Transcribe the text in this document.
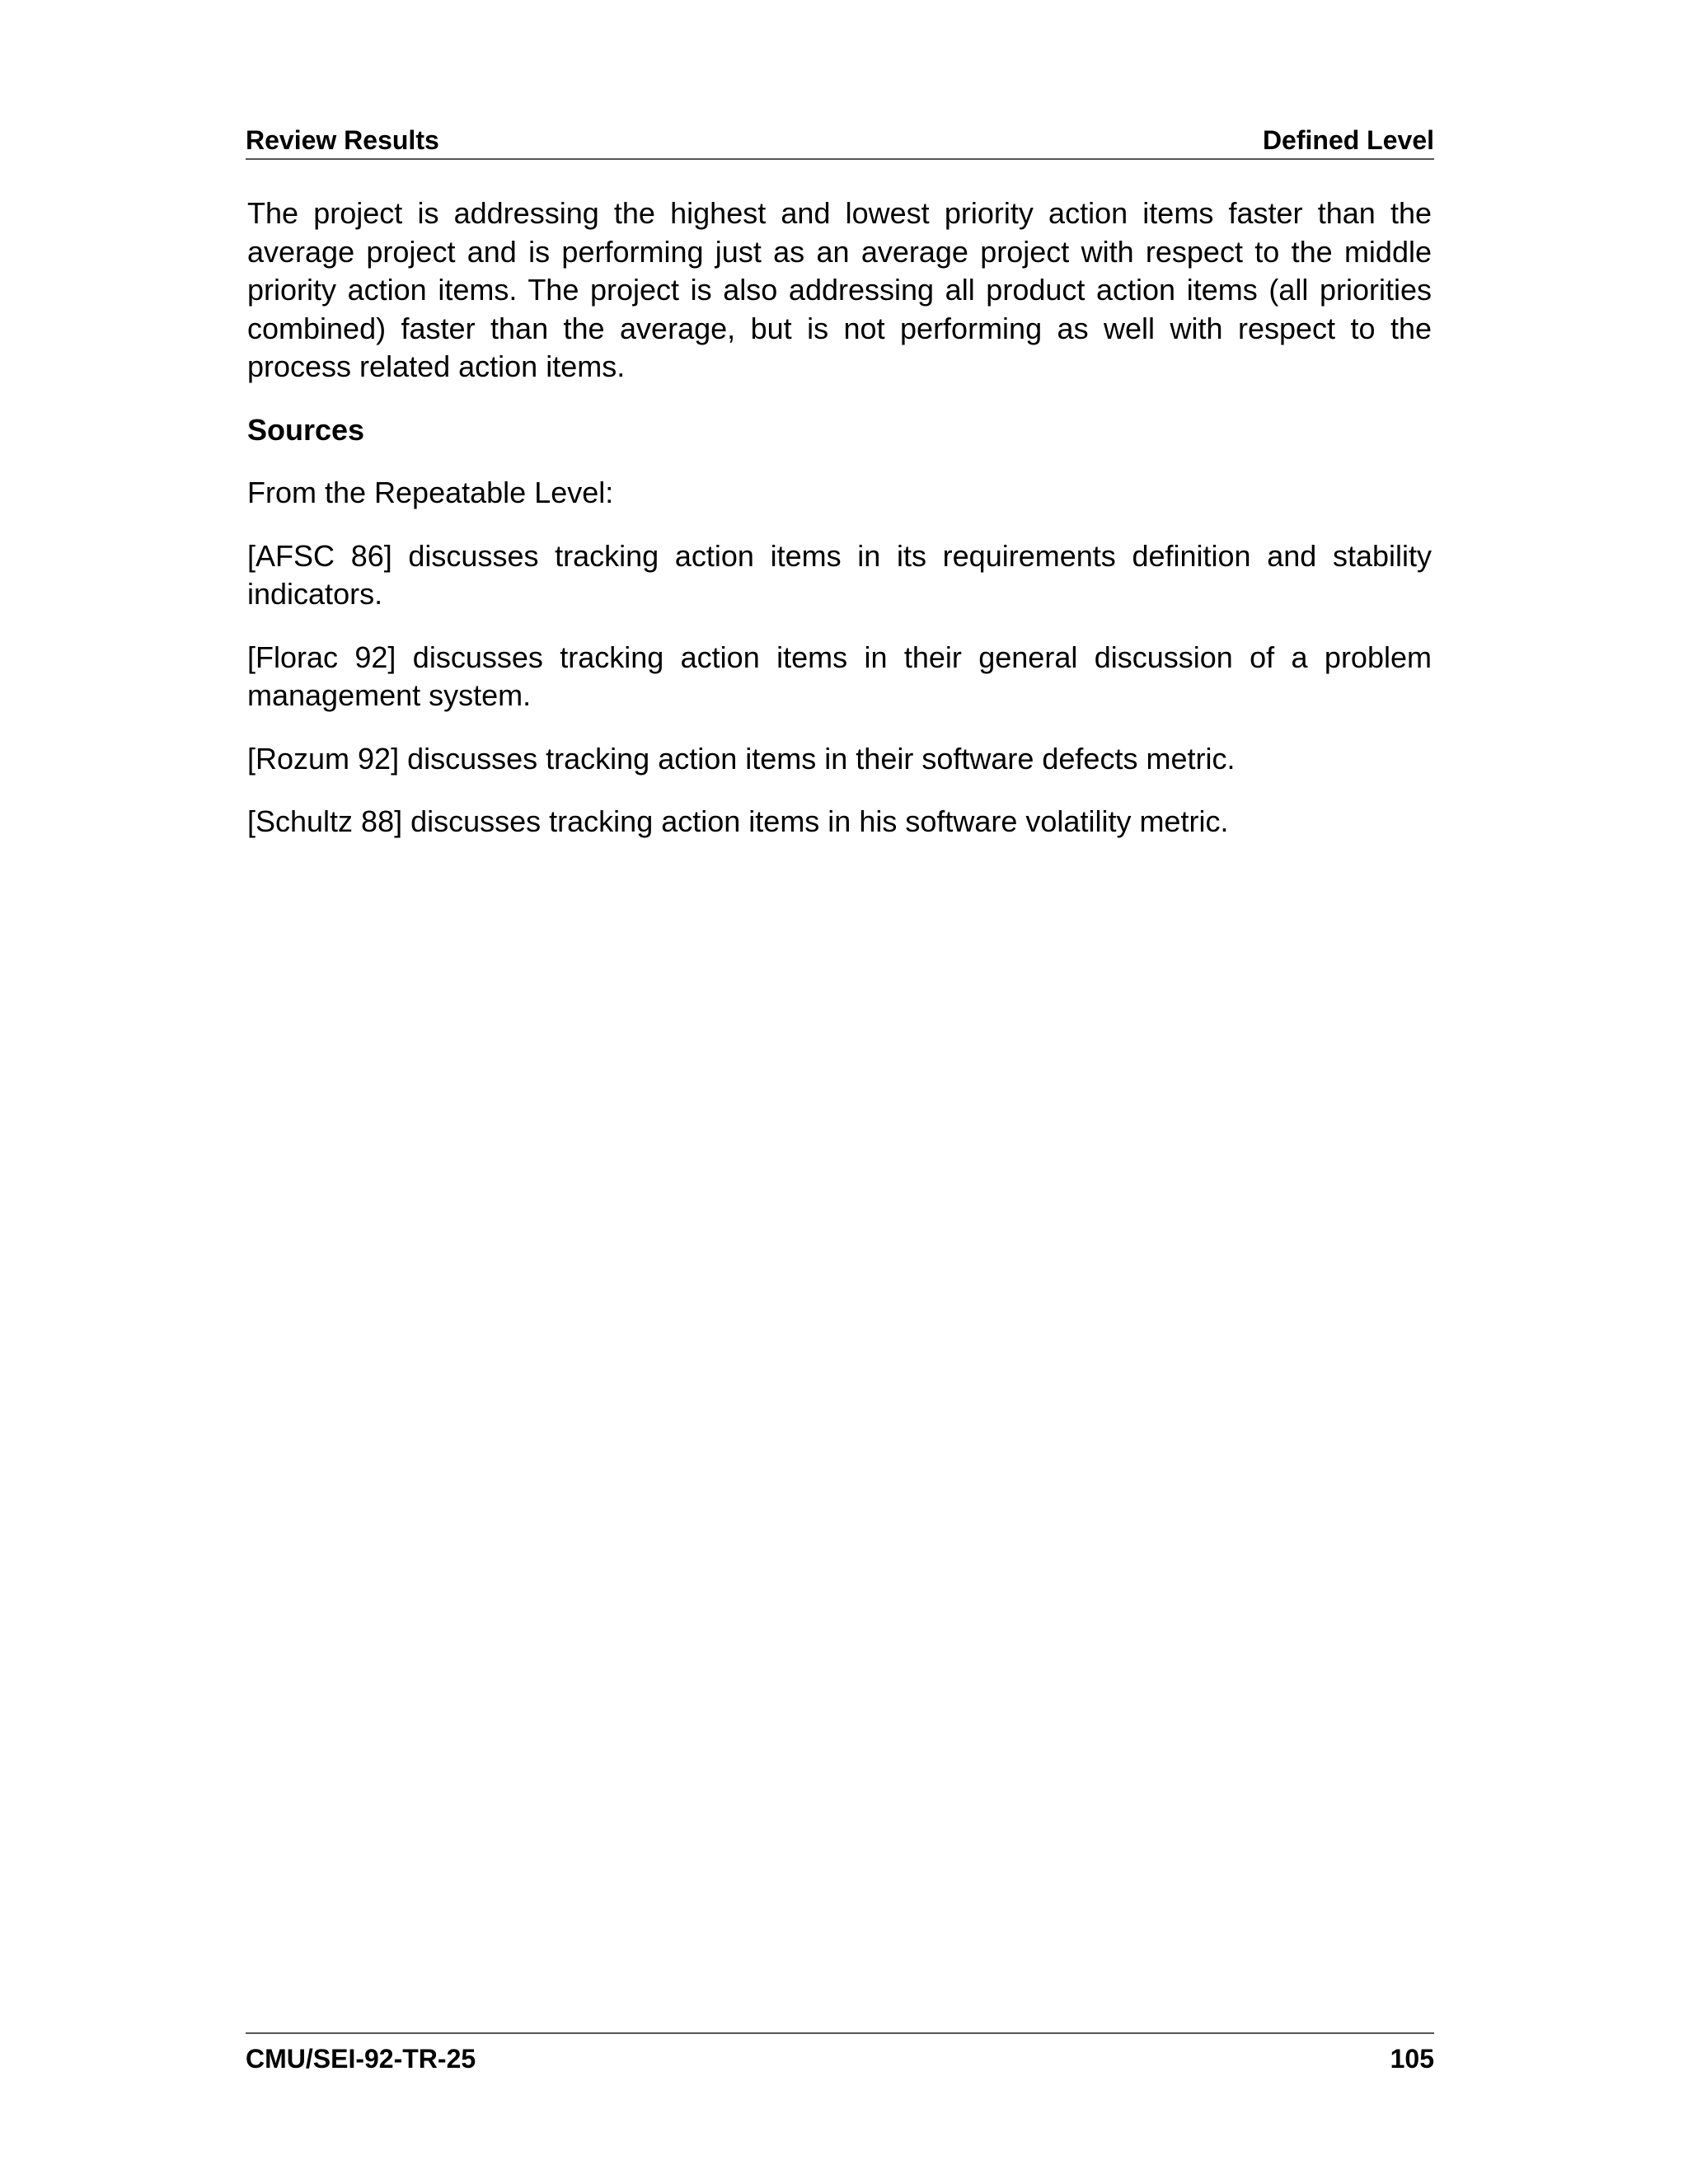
Review Results	Defined Level

The project is addressing the highest and lowest priority action items faster than the average project and is performing just as an average project with respect to the middle priority action items. The project is also addressing all product action items (all priorities combined) faster than the average, but is not performing as well with respect to the process related action items.

Sources

From the Repeatable Level:

[AFSC 86] discusses tracking action items in its requirements definition and stability indicators.

[Florac 92] discusses tracking action items in their general discussion of a problem management system.

[Rozum 92] discusses tracking action items in their software defects metric.

[Schultz 88] discusses tracking action items in his software volatility metric.

CMU/SEI-92-TR-25	105
